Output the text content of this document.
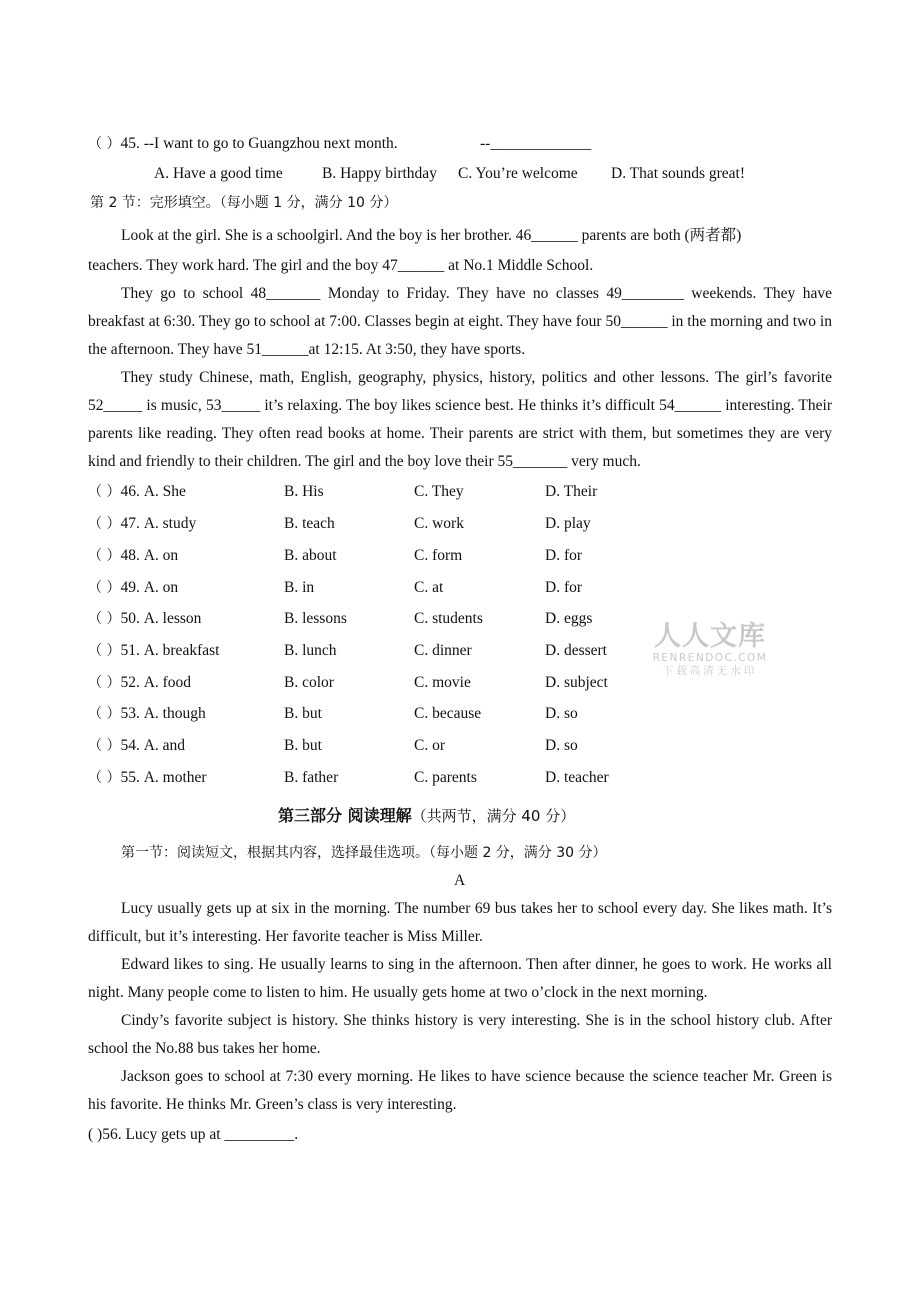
（ ）45. --I want to go to Guangzhou next month.	--_____________
A. Have a good time	B. Happy birthday C. You’re welcome D. That sounds great!
第 2 节：完形填空。（每小题 1 分，满分 10 分）
Look at the girl. She is a schoolgirl. And the boy is her brother. 46______ parents are both (两者都)
teachers. They work hard. The girl and the boy 47______ at No.1 Middle School.
They go to school 48_______ Monday to Friday. They have no classes 49________ weekends. They have breakfast at 6:30. They go to school at 7:00. Classes begin at eight. They have four 50______ in the morning and two in the afternoon. They have 51______at 12:15. At 3:50, they have sports.
They study Chinese, math, English, geography, physics, history, politics and other lessons. The girl’s favorite 52_____ is music, 53_____ it’s relaxing. The boy likes science best. He thinks it’s difficult 54______ interesting. Their parents like reading. They often read books at home. Their parents are strict with them, but sometimes they are very kind and friendly to their children. The girl and the boy love their 55_______ very much.
（ ）46. A. She	B. His	C. They	D. Their
（ ）47. A. study	B. teach	C. work	D. play
（ ）48. A. on	B. about	C. form	D. for
（ ）49. A. on	B. in	C. at	D. for
（ ）50. A. lesson	B. lessons	C. students	D. eggs
（ ）51. A. breakfast	B. lunch	C. dinner	D. dessert
（ ）52. A. food	B. color	C. movie	D. subject
（ ）53. A. though	B. but	C. because	D. so
（ ）54. A. and	B. but	C. or	D. so
（ ）55. A. mother	B. father	C. parents	D. teacher
人人文库
RENRENDOC.COM
下载高清无水印
第三部分 阅读理解（共两节，满分 40 分）
第一节：阅读短文，根据其内容，选择最佳选项。（每小题 2 分，满分 30 分）
A
Lucy usually gets up at six in the morning. The number 69 bus takes her to school every day. She likes math. It’s difficult, but it’s interesting. Her favorite teacher is Miss Miller.
Edward likes to sing. He usually learns to sing in the afternoon. Then after dinner, he goes to work. He works all night. Many people come to listen to him. He usually gets home at two o’clock in the next morning.
Cindy’s favorite subject is history. She thinks history is very interesting. She is in the school history club. After school the No.88 bus takes her home.
Jackson goes to school at 7:30 every morning. He likes to have science because the science teacher Mr. Green is his favorite. He thinks Mr. Green’s class is very interesting.
( )56. Lucy gets up at _________.
